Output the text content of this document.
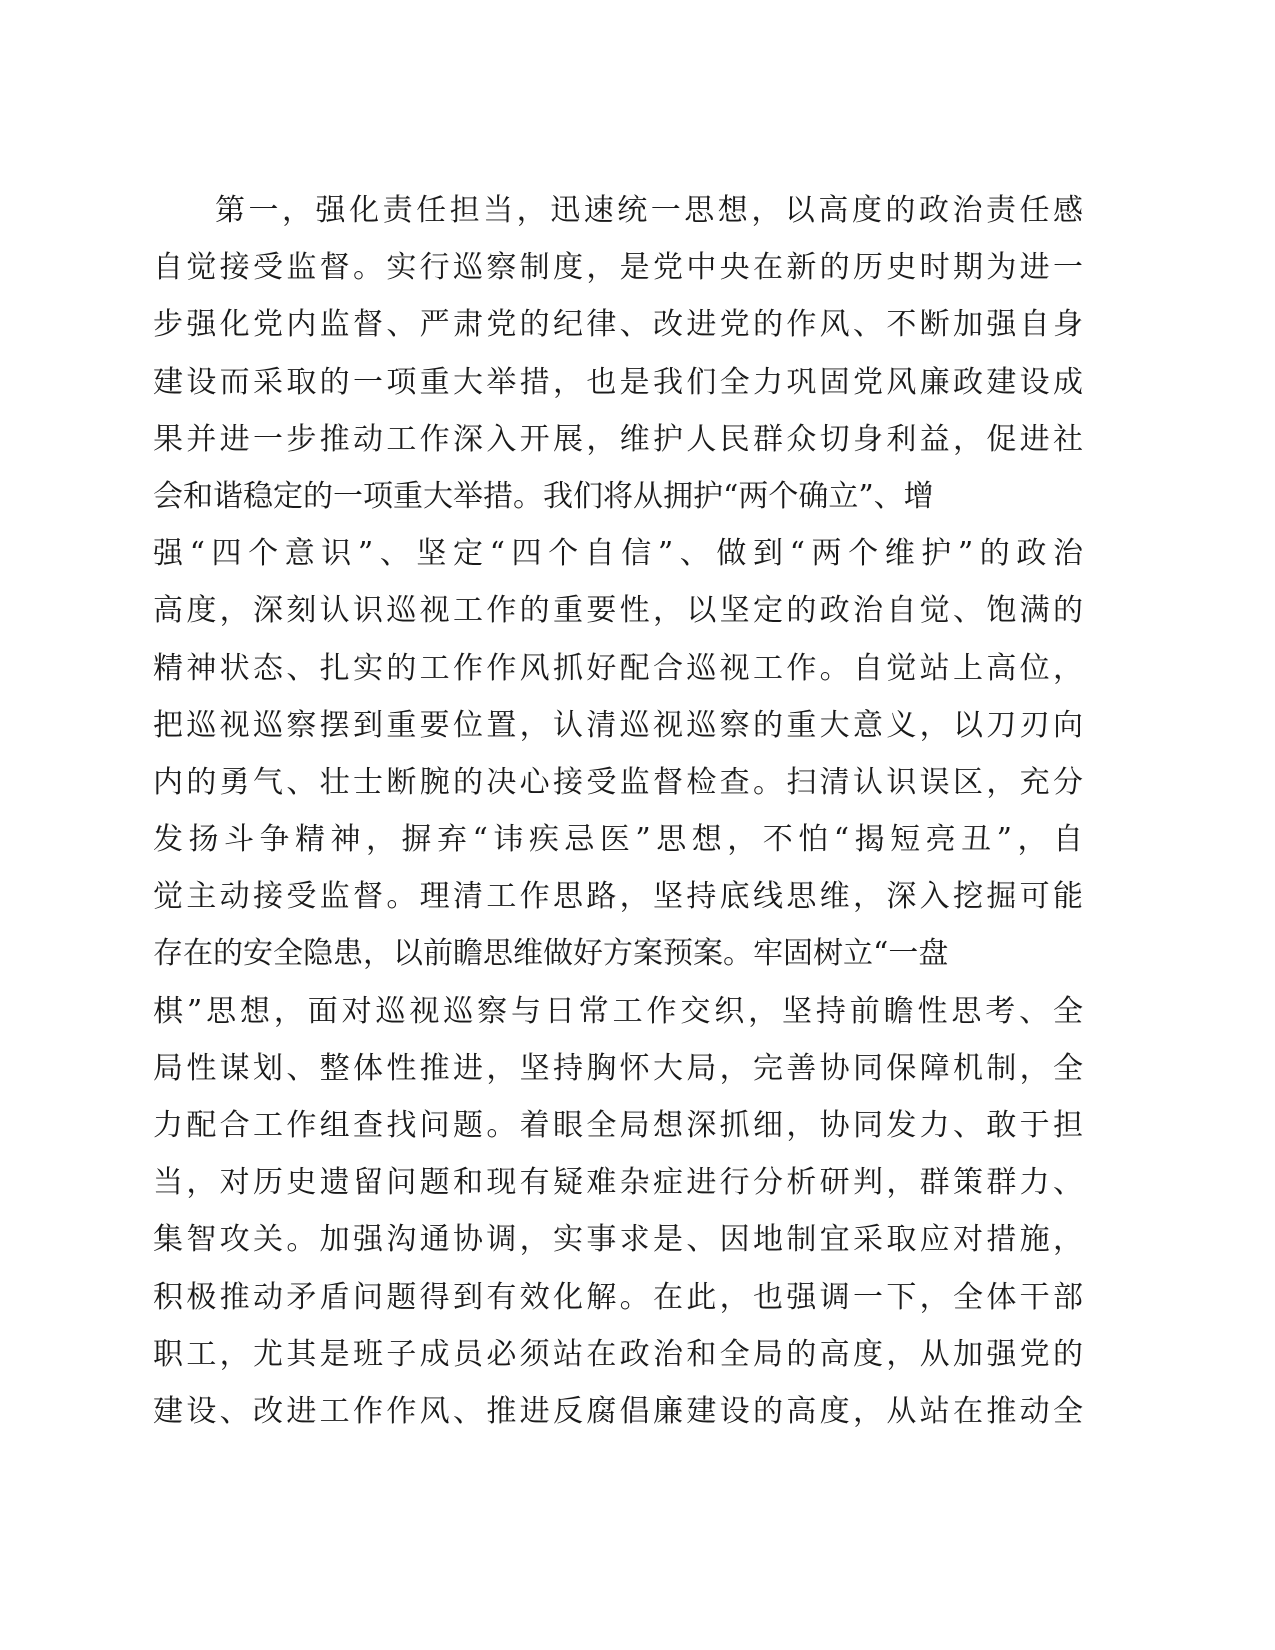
第一，强化责任担当，迅速统一思想，以高度的政治责任感
自觉接受监督。实行巡察制度，是党中央在新的历史时期为进一
步强化党内监督、严肃党的纪律、改进党的作风、不断加强自身
建设而采取的一项重大举措，也是我们全力巩固党风廉政建设成
果并进一步推动工作深入开展，维护人民群众切身利益，促进社
会和谐稳定的一项重大举措。我们将从拥护“两个确立”、增
强“四个意识”、坚定“四个自信”、做到“两个维护”的政治
高度，深刻认识巡视工作的重要性，以坚定的政治自觉、饱满的
精神状态、扎实的工作作风抓好配合巡视工作。自觉站上高位，
把巡视巡察摆到重要位置，认清巡视巡察的重大意义，以刀刃向
内的勇气、壮士断腕的决心接受监督检查。扫清认识误区，充分
发扬斗争精神，摒弃“讳疾忌医”思想，不怕“揭短亮丑”，自
觉主动接受监督。理清工作思路，坚持底线思维，深入挖掘可能
存在的安全隐患，以前瞻思维做好方案预案。牢固树立“一盘
棋”思想，面对巡视巡察与日常工作交织，坚持前瞻性思考、全
局性谋划、整体性推进，坚持胸怀大局，完善协同保障机制，全
力配合工作组查找问题。着眼全局想深抓细，协同发力、敢于担
当，对历史遗留问题和现有疑难杂症进行分析研判，群策群力、
集智攻关。加强沟通协调，实事求是、因地制宜采取应对措施，
积极推动矛盾问题得到有效化解。在此，也强调一下，全体干部
职工，尤其是班子成员必须站在政治和全局的高度，从加强党的
建设、改进工作作风、推进反腐倡廉建设的高度，从站在推动全
